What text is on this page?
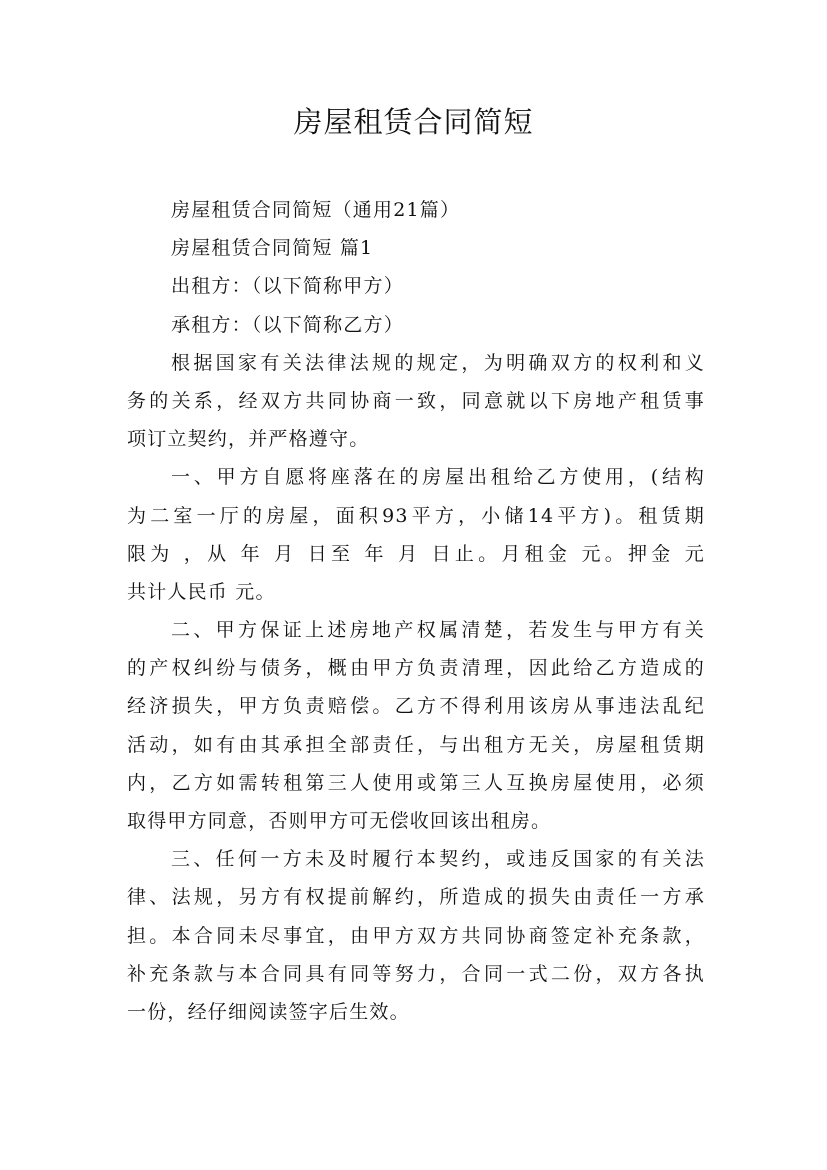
房屋租赁合同简短
房屋租赁合同简短（通用21篇）
房屋租赁合同简短 篇1
出租方：（以下简称甲方）
承租方：（以下简称乙方）
根据国家有关法律法规的规定，为明确双方的权利和义
务的关系，经双方共同协商一致，同意就以下房地产租赁事
项订立契约，并严格遵守。
一、甲方自愿将座落在的房屋出租给乙方使用，(结构
为二室一厅的房屋，面积93平方，小储14平方)。租赁期
限为 ，从 年 月 日至 年 月 日止。月租金 元。押金 元
共计人民币 元。
二、甲方保证上述房地产权属清楚，若发生与甲方有关
的产权纠纷与债务，概由甲方负责清理，因此给乙方造成的
经济损失，甲方负责赔偿。乙方不得利用该房从事违法乱纪
活动，如有由其承担全部责任，与出租方无关，房屋租赁期
内，乙方如需转租第三人使用或第三人互换房屋使用，必须
取得甲方同意，否则甲方可无偿收回该出租房。
三、任何一方未及时履行本契约，或违反国家的有关法
律、法规，另方有权提前解约，所造成的损失由责任一方承
担。本合同未尽事宜，由甲方双方共同协商签定补充条款，
补充条款与本合同具有同等努力，合同一式二份，双方各执
一份，经仔细阅读签字后生效。
